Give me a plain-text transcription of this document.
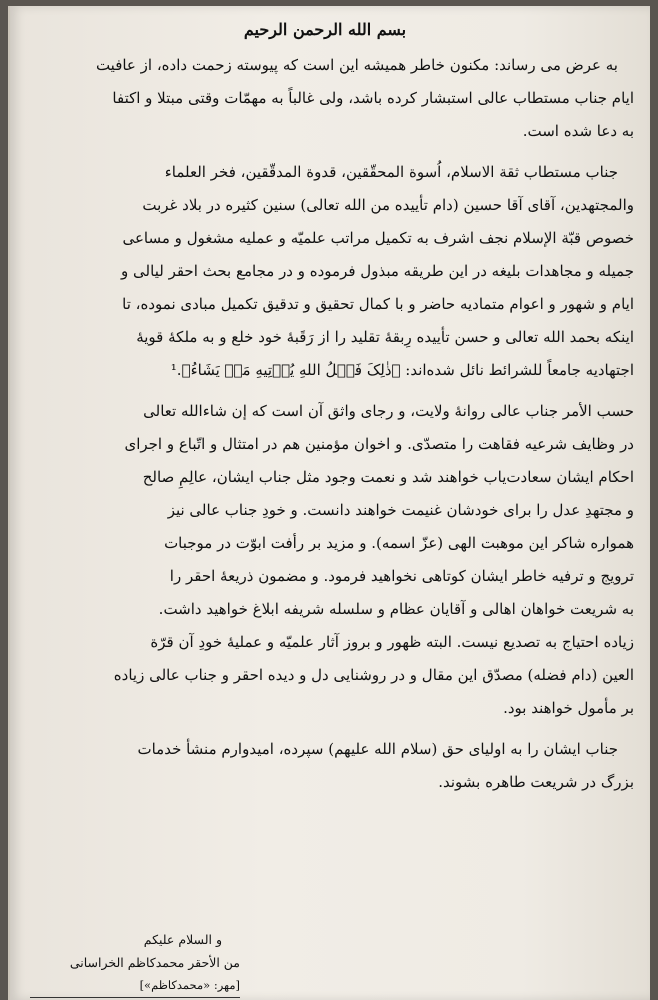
بسم الله الرحمن الرحيم

به عرض می رساند: مکنون خاطر همیشه این است که پیوسته زحمت داده، از عافیت

ایام جناب مستطاب عالی استبشار کرده باشد، ولی غالباً به مهمّات وقتی مبتلا و اکتفا

به دعا شده است.

جناب مستطاب ثقة الاسلام، اُسوة المحقّقین، قدوة المدقّقین، فخر العلماء

والمجتهدین، آقای آقا حسین (دام تأییده من الله تعالی) سنین کثیره در بلاد غربت

خصوص قبّة الإسلام نجف اشرف به تکمیل مراتب علمیّه و عملیه مشغول و مساعی

جمیله و مجاهدات بلیغه در این طریقه مبذول فرموده و در مجامع بحث احقر لیالی و

ایام و شهور و اعوام متمادیه حاضر و با کمال تحقیق و تدقیق تکمیل مبادی نموده، تا

اینکه بحمد الله تعالی و حسن تأییده رِبقهٔ تقلید را از رَقَبهٔ خود خلع و به ملکهٔ قویهٔ

اجتهادیه جامعاً للشرائط نائل شده‌اند: ﴿ذٰلِکَ فَضۡلُ اللهِ یُؤۡتِیهِ مَنۡ یَشَاءُ﴾.¹

حسب الأمر جناب عالی روانهٔ ولایت، و رجای واثق آن است که إن شاءالله تعالی

در وظایف شرعیه فقاهت را متصدّی. و اخوان مؤمنین هم در امتثال و اتّباع و اجرای

احکام ایشان سعادت‌یاب خواهند شد و نعمت وجود مثل جناب ایشان، عالِمِ صالح

و مجتهدِ عدل را برای خودشان غنیمت خواهند دانست. و خودِ جناب عالی نیز

همواره شاکر این موهبت الهی (عزّ اسمه). و مزید بر رأفت ابوّت در موجبات

ترویج و ترفیه خاطر ایشان کوتاهی نخواهید فرمود. و مضمون ذریعهٔ احقر را

به شریعت خواهان اهالی و آقایان عظام و سلسله شریفه ابلاغ خواهید داشت.

زیاده احتیاج به تصدیع نیست. البته ظهور و بروز آثار علمیّه و عملیهٔ خودِ آن قرّة

العین (دام فضله) مصدّق این مقال و در روشنایی دل و دیده احقر و جناب عالی زیاده

بر مأمول خواهند بود.

جناب ایشان را به اولیای حق (سلام الله علیهم) سپرده، امیدوارم منشأ خدمات

بزرگ در شریعت طاهره بشوند.

و السلام علیکم
من الأحقر محمدکاظم الخراسانی
[مهر: «محمدکاظم»]
